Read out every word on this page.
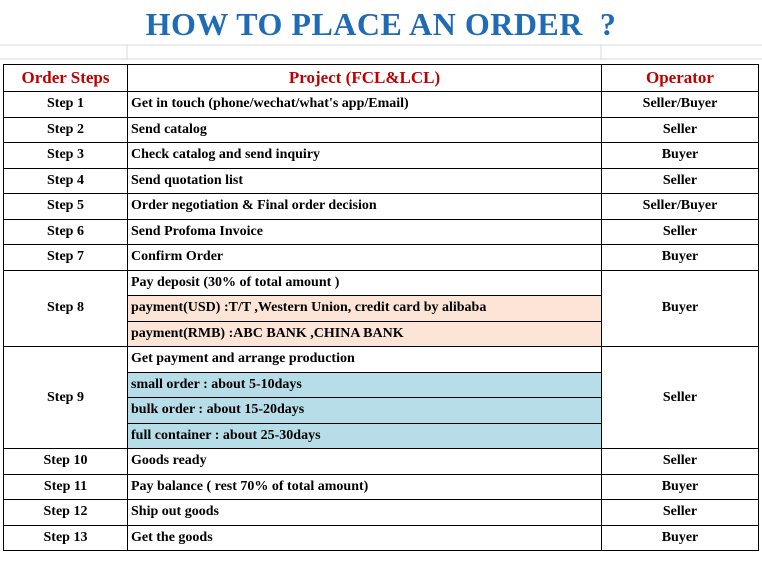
HOW TO PLACE AN ORDER  ?
Order Steps	Project (FCL&LCL)	Operator
Step 1	Get in touch (phone/wechat/what's app/Email)	Seller/Buyer
Step 2	Send catalog	Seller
Step 3	Check catalog and send inquiry	Buyer
Step 4	Send quotation list	Seller
Step 5	Order negotiation & Final order decision	Seller/Buyer
Step 6	Send Profoma Invoice	Seller
Step 7	Confirm Order	Buyer
Step 8	Pay deposit (30% of total amount )	Buyer
	payment(USD) :T/T ,Western Union, credit card by alibaba	
	payment(RMB) :ABC BANK ,CHINA BANK	
Step 9	Get payment and arrange production	Seller
	small order : about 5-10days	
	bulk order : about 15-20days	
	full container : about 25-30days	
Step 10	Goods ready	Seller
Step 11	Pay balance ( rest 70% of total amount)	Buyer
Step 12	Ship out goods	Seller
Step 13	Get the goods	Buyer
